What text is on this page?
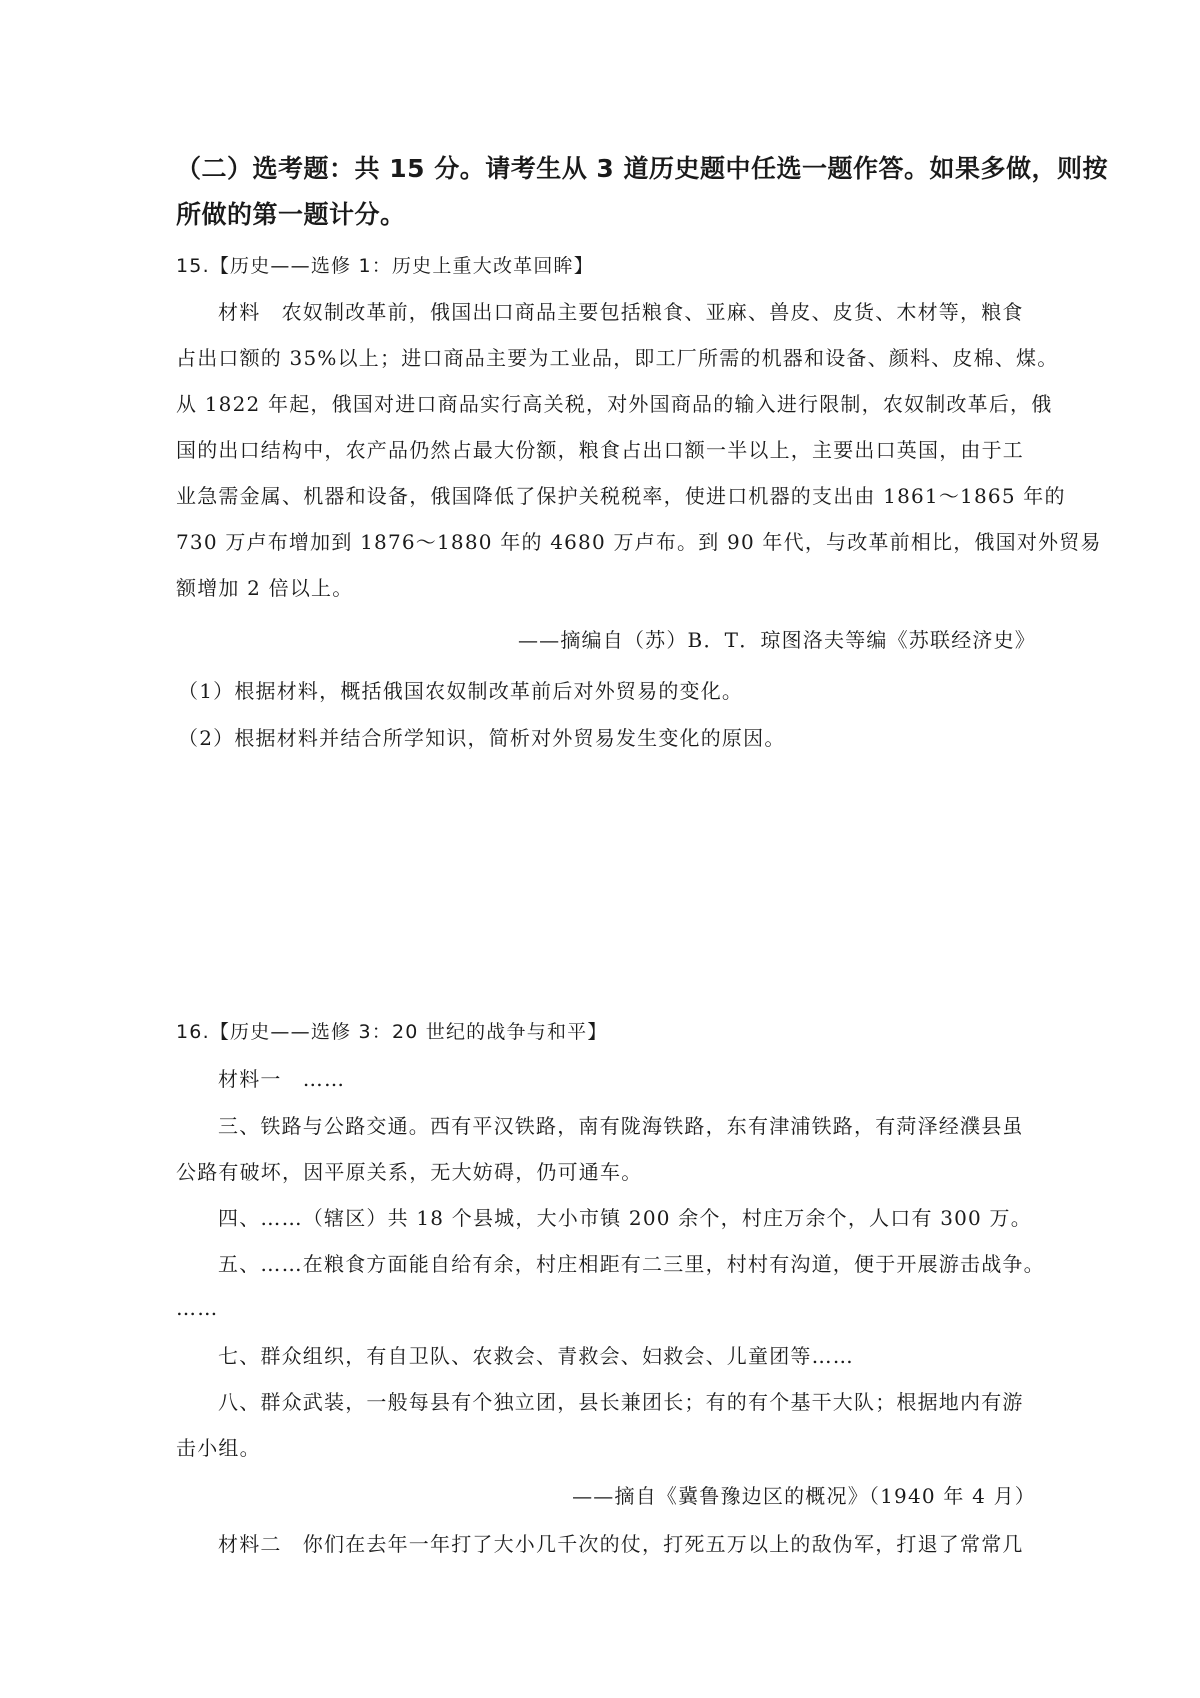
（二）选考题：共 15 分。请考生从 3 道历史题中任选一题作答。如果多做，则按
所做的第一题计分。
15.【历史——选修 1：历史上重大改革回眸】
材料　农奴制改革前，俄国出口商品主要包括粮食、亚麻、兽皮、皮货、木材等，粮食
占出口额的 35%以上；进口商品主要为工业品，即工厂所需的机器和设备、颜料、皮棉、煤。
从 1822 年起，俄国对进口商品实行高关税，对外国商品的输入进行限制，农奴制改革后，俄
国的出口结构中，农产品仍然占最大份额，粮食占出口额一半以上，主要出口英国，由于工
业急需金属、机器和设备，俄国降低了保护关税税率，使进口机器的支出由 1861～1865 年的
730 万卢布增加到 1876～1880 年的 4680 万卢布。到 90 年代，与改革前相比，俄国对外贸易
额增加 2 倍以上。
——摘编自（苏）B．T．琼图洛夫等编《苏联经济史》
（1）根据材料，概括俄国农奴制改革前后对外贸易的变化。
（2）根据材料并结合所学知识，简析对外贸易发生变化的原因。
16.【历史——选修 3：20 世纪的战争与和平】
材料一　……
三、铁路与公路交通。西有平汉铁路，南有陇海铁路，东有津浦铁路，有菏泽经濮县虽
公路有破坏，因平原关系，无大妨碍，仍可通车。
四、……（辖区）共 18 个县城，大小市镇 200 余个，村庄万余个，人口有 300 万。
五、……在粮食方面能自给有余，村庄相距有二三里，村村有沟道，便于开展游击战争。
……
七、群众组织，有自卫队、农救会、青救会、妇救会、儿童团等……
八、群众武装，一般每县有个独立团，县长兼团长；有的有个基干大队；根据地内有游
击小组。
——摘自《冀鲁豫边区的概况》（1940 年 4 月）
材料二　你们在去年一年打了大小几千次的仗，打死五万以上的敌伪军，打退了常常几
